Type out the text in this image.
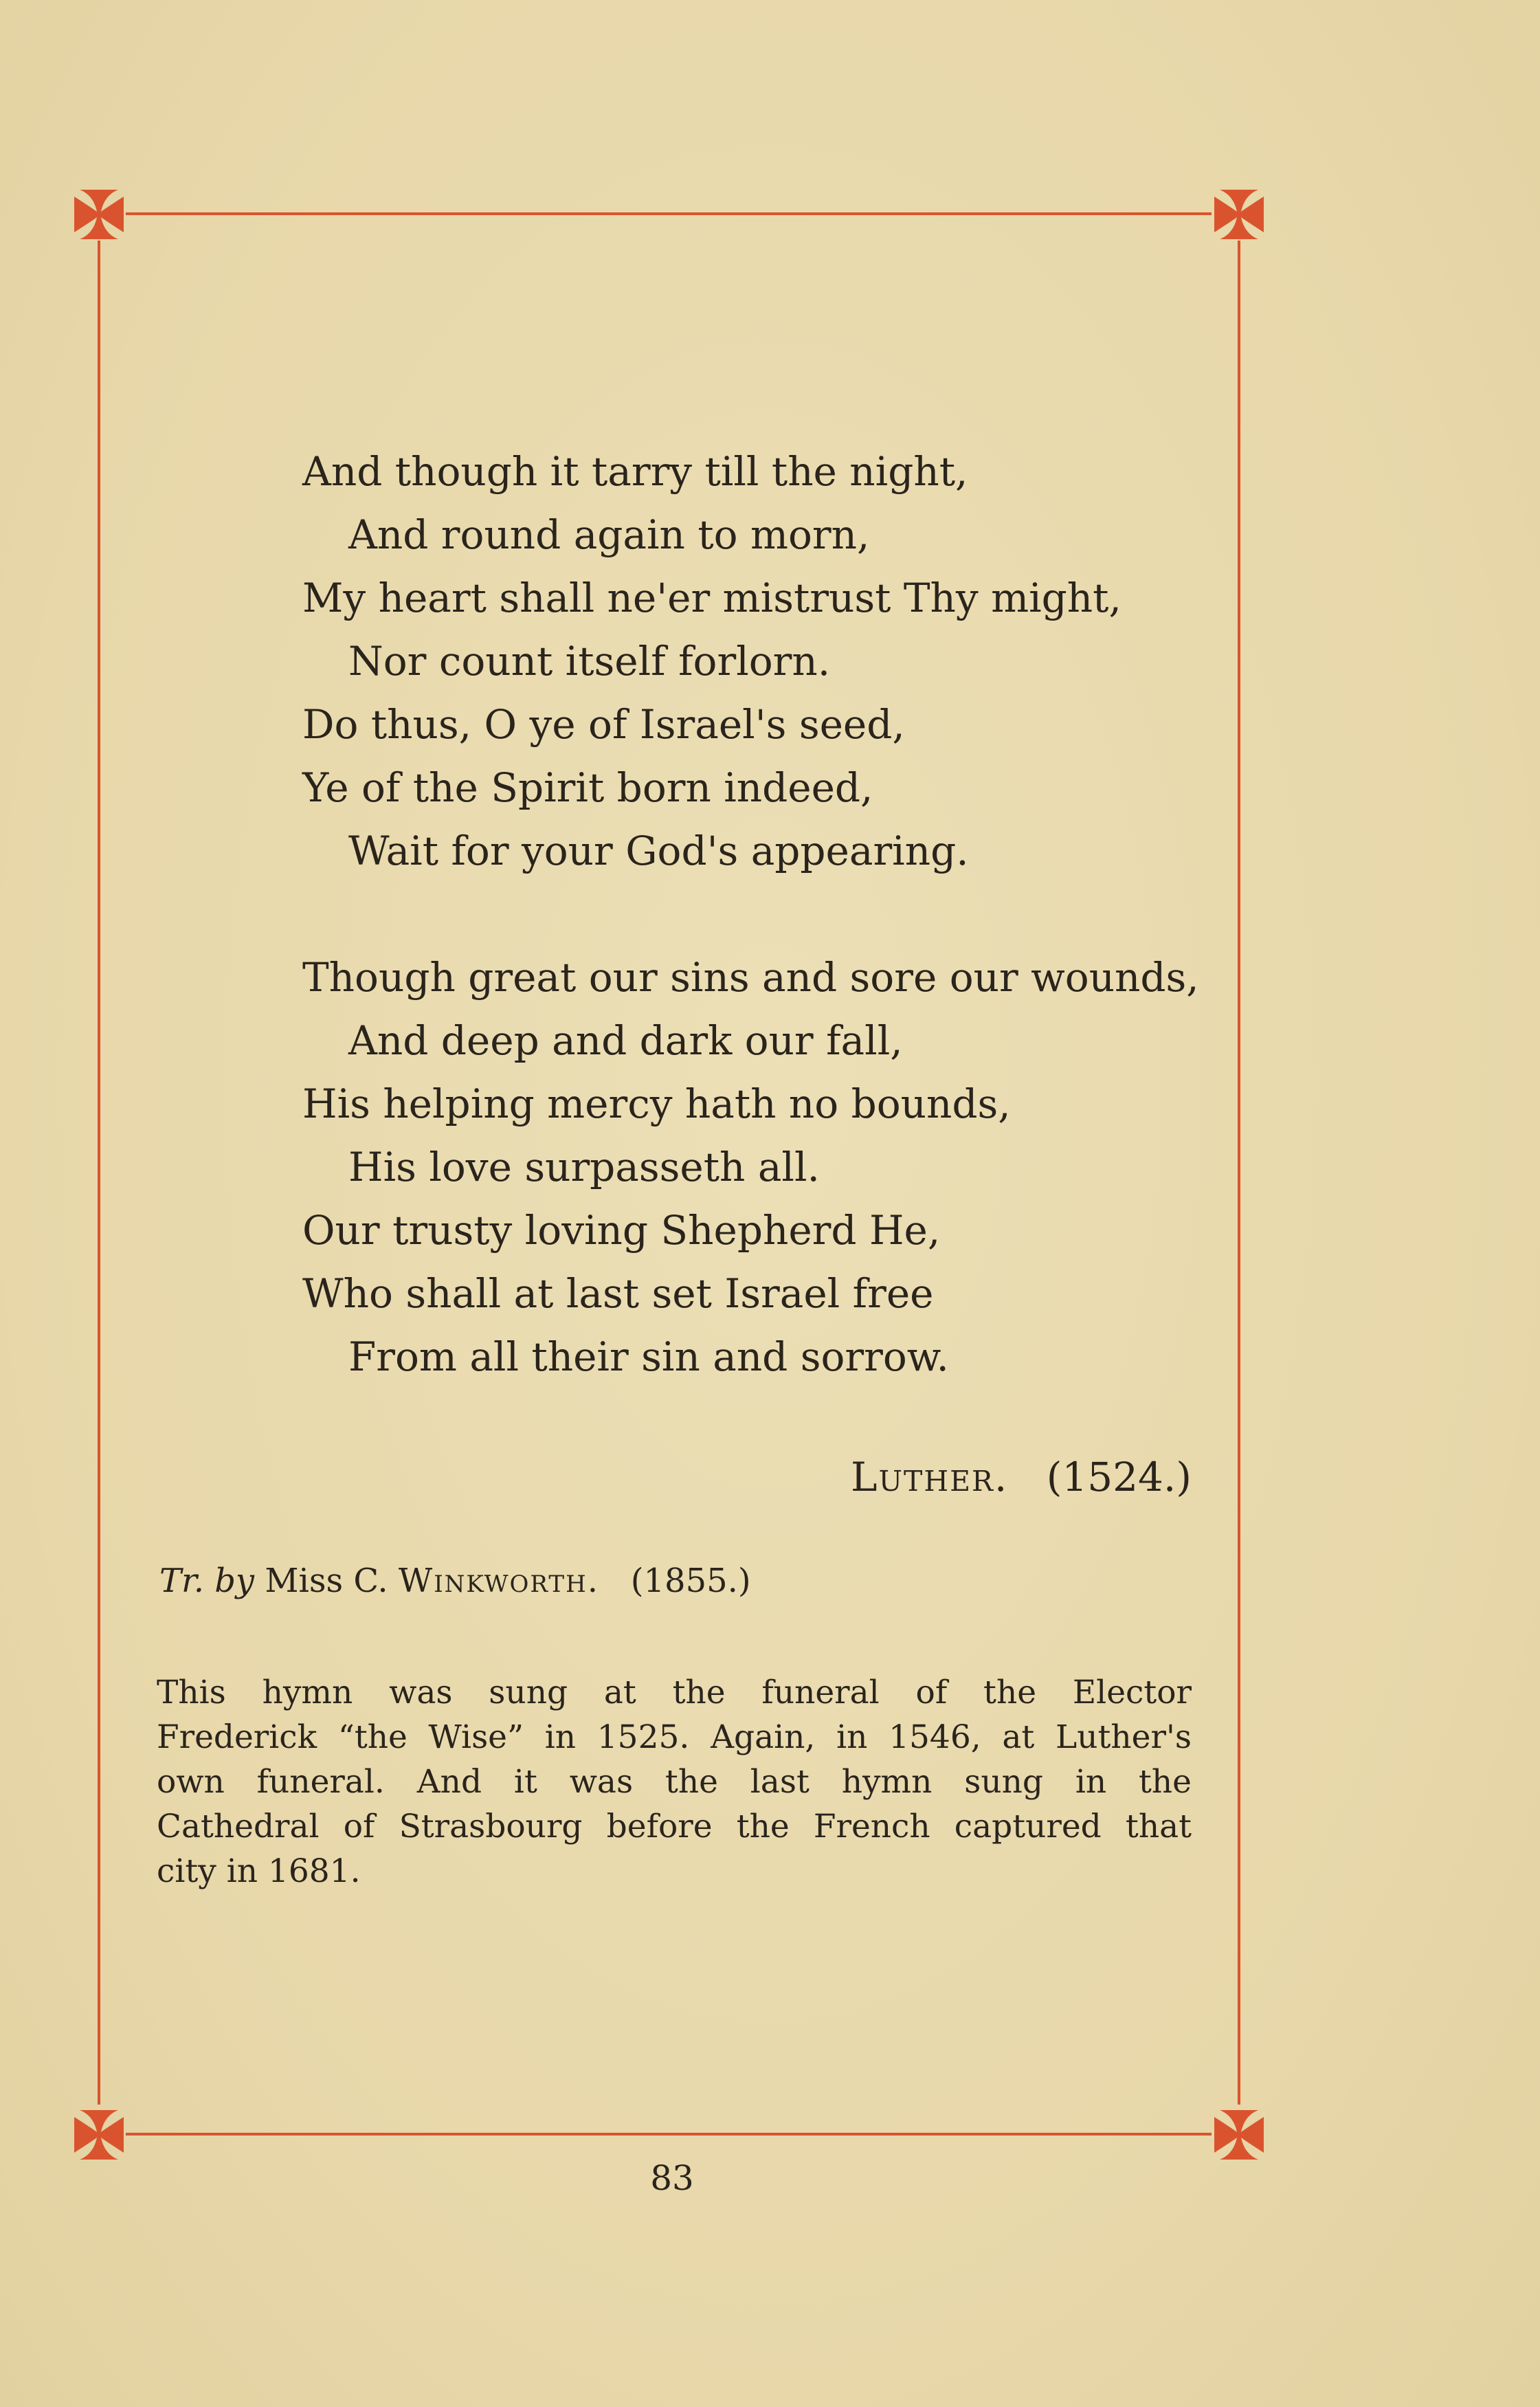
And though it tarry till the night,
And round again to morn,
My heart shall ne'er mistrust Thy might,
Nor count itself forlorn.
Do thus, O ye of Israel's seed,
Ye of the Spirit born indeed,
Wait for your God's appearing.
Though great our sins and sore our wounds,
And deep and dark our fall,
His helping mercy hath no bounds,
His love surpasseth all.
Our trusty loving Shepherd He,
Who shall at last set Israel free
From all their sin and sorrow.
Luther. (1524.)
Tr. by Miss C. Winkworth. (1855.)
This hymn was sung at the funeral of the Elector
Frederick “the Wise” in 1525. Again, in 1546, at Luther's
own funeral. And it was the last hymn sung in the
Cathedral of Strasbourg before the French captured that
city in 1681.
83
